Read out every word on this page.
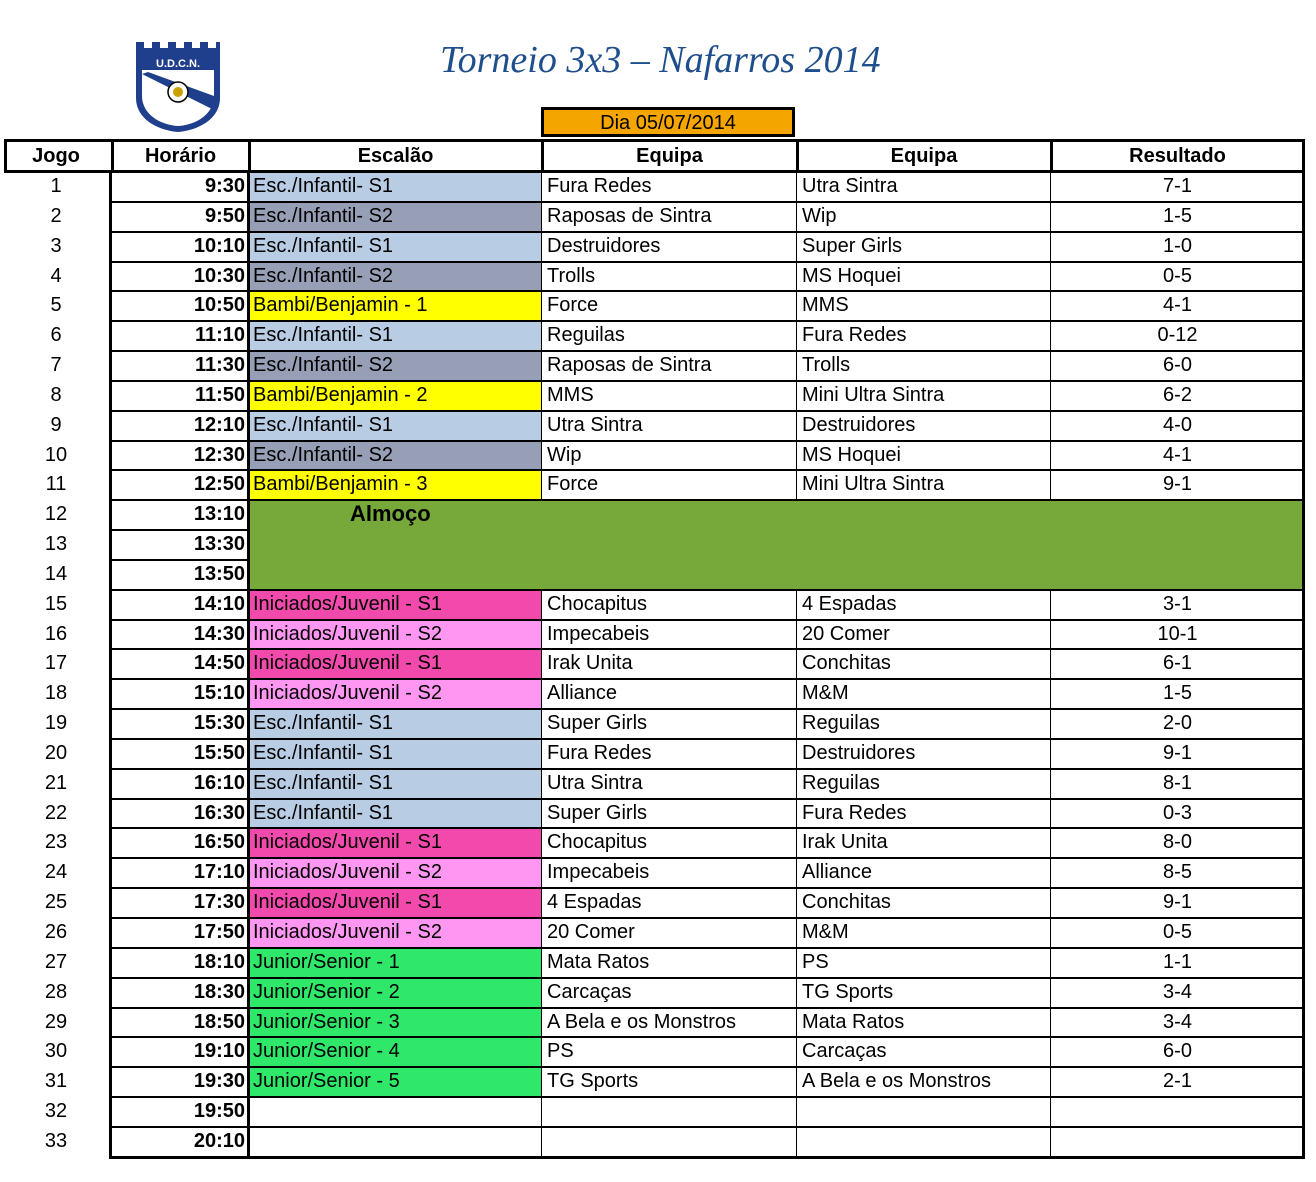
U.D.C.N.	Torneio 3x3 – Nafarros 2014
Dia 05/07/2014
Jogo	Horário	Escalão	Equipa	Equipa	Resultado
Almoço
1	9:30 Esc./Infantil- S1	Fura Redes	Utra Sintra	7-1
2	9:50 Esc./Infantil- S2	Raposas de Sintra	Wip	1-5
3	10:10 Esc./Infantil- S1	Destruidores	Super Girls	1-0
4	10:30 Esc./Infantil- S2	Trolls	MS Hoquei	0-5
5	10:50 Bambi/Benjamin - 1	Force	MMS	4-1
6	11:10 Esc./Infantil- S1	Reguilas	Fura Redes	0-12
7	11:30 Esc./Infantil- S2	Raposas de Sintra	Trolls	6-0
8	11:50 Bambi/Benjamin - 2	MMS	Mini Ultra Sintra	6-2
9	12:10 Esc./Infantil- S1	Utra Sintra	Destruidores	4-0
10	12:30 Esc./Infantil- S2	Wip	MS Hoquei	4-1
11	12:50 Bambi/Benjamin - 3	Force	Mini Ultra Sintra	9-1
12	13:10
13	13:30
14	13:50
15	14:10 Iniciados/Juvenil - S1	Chocapitus	4 Espadas	3-1
16	14:30 Iniciados/Juvenil - S2	Impecabeis	20 Comer	10-1
17	14:50 Iniciados/Juvenil - S1	Irak Unita	Conchitas	6-1
18	15:10 Iniciados/Juvenil - S2	Alliance	M&M	1-5
19	15:30 Esc./Infantil- S1	Super Girls	Reguilas	2-0
20	15:50 Esc./Infantil- S1	Fura Redes	Destruidores	9-1
21	16:10 Esc./Infantil- S1	Utra Sintra	Reguilas	8-1
22	16:30 Esc./Infantil- S1	Super Girls	Fura Redes	0-3
23	16:50 Iniciados/Juvenil - S1	Chocapitus	Irak Unita	8-0
24	17:10 Iniciados/Juvenil - S2	Impecabeis	Alliance	8-5
25	17:30 Iniciados/Juvenil - S1	4 Espadas	Conchitas	9-1
26	17:50 Iniciados/Juvenil - S2	20 Comer	M&M	0-5
27	18:10 Junior/Senior - 1	Mata Ratos	PS	1-1
28	18:30 Junior/Senior - 2	Carcaças	TG Sports	3-4
29	18:50 Junior/Senior - 3	A Bela e os Monstros	Mata Ratos	3-4
30	19:10 Junior/Senior - 4	PS	Carcaças	6-0
31	19:30 Junior/Senior - 5	TG Sports	A Bela e os Monstros	2-1
32	19:50
33	20:10
